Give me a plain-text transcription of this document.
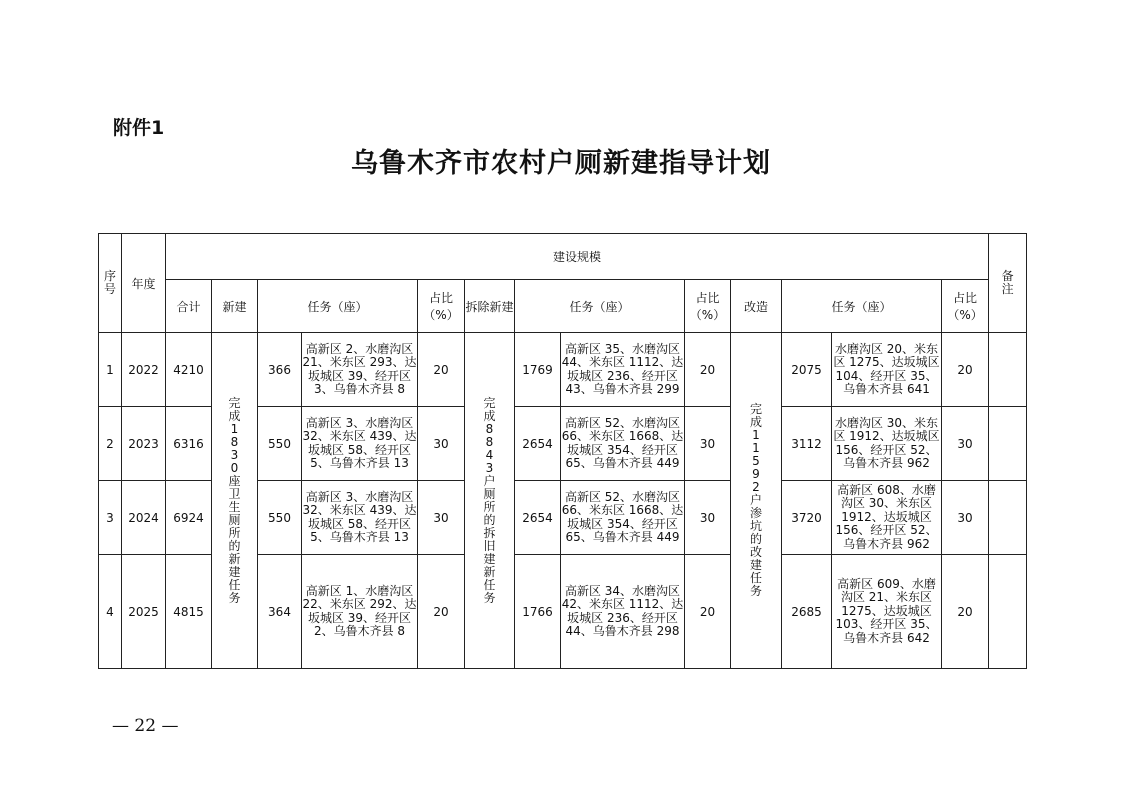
附件1
乌鲁木齐市农村户厕新建指导计划
序号	年度	建设规模													备注
		合计	新建	任务（座）		占比（%）	拆除新建	任务（座）		占比（%）	改造	任务（座）		占比（%）	
1	2022	4210	完成1830座卫生厕所的新建任务	366	高新区 2、水磨沟区 21、米东区 293、达坂城区 39、经开区 3、乌鲁木齐县 8	20	完成8843户厕所的拆旧建新任务	1769	高新区 35、水磨沟区 44、米东区 1112、达坂城区 236、经开区 43、乌鲁木齐县 299	20	完成11592户渗坑的改建任务	2075	水磨沟区 20、米东区 1275、达坂城区 104、经开区 35、乌鲁木齐县 641	20	
2	2023	6316		550	高新区 3、水磨沟区 32、米东区 439、达坂城区 58、经开区 5、乌鲁木齐县 13	30		2654	高新区 52、水磨沟区 66、米东区 1668、达坂城区 354、经开区 65、乌鲁木齐县 449	30		3112	水磨沟区 30、米东区 1912、达坂城区 156、经开区 52、乌鲁木齐县 962	30	
3	2024	6924		550	高新区 3、水磨沟区 32、米东区 439、达坂城区 58、经开区 5、乌鲁木齐县 13	30		2654	高新区 52、水磨沟区 66、米东区 1668、达坂城区 354、经开区 65、乌鲁木齐县 449	30		3720	高新区 608、水磨沟区 30、米东区 1912、达坂城区 156、经开区 52、乌鲁木齐县 962	30	
4	2025	4815		364	高新区 1、水磨沟区 22、米东区 292、达坂城区 39、经开区 2、乌鲁木齐县 8	20		1766	高新区 34、水磨沟区 42、米东区 1112、达坂城区 236、经开区 44、乌鲁木齐县 298	20		2685	高新区 609、水磨沟区 21、米东区 1275、达坂城区 103、经开区 35、乌鲁木齐县 642	20	
— 22 —
